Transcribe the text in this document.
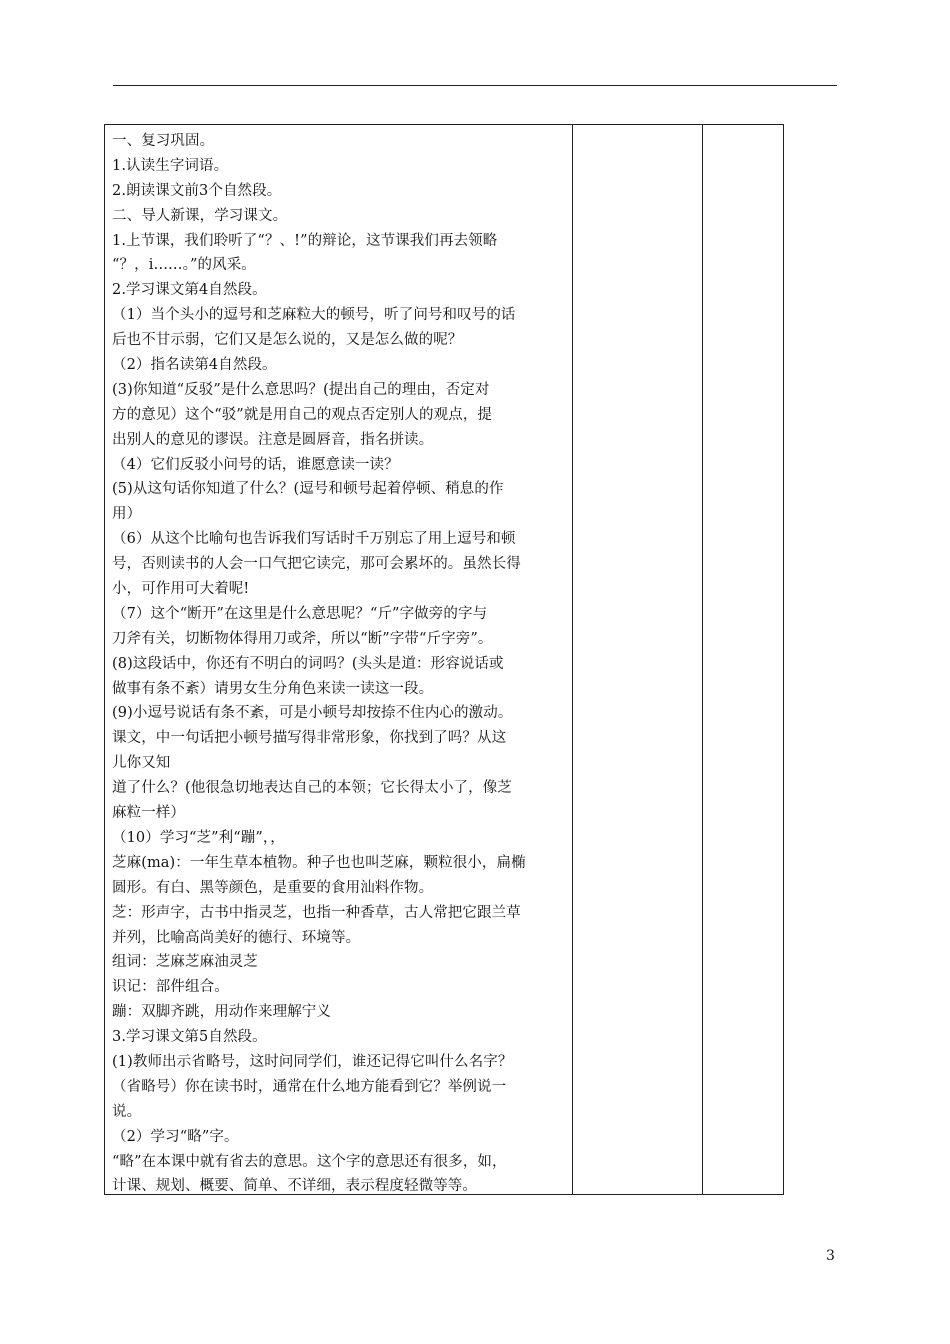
一、复习巩固。
1.认读生字词语。
2.朗读课文前3个自然段。
二、导人新课，学习课文。
1.上节课，我们聆听了“？、!”的辩论，这节课我们再去领略
“？，i……。”的风采。
2.学习课文第4自然段。
（1）当个头小的逗号和芝麻粒大的顿号，听了问号和叹号的话
后也不甘示弱，它们又是怎么说的，又是怎么做的呢？
（2）指名读第4自然段。
(3)你知道“反驳”是什么意思吗？(提出自己的理由，否定对
方的意见）这个“驳”就是用自己的观点否定别人的观点，提
出别人的意见的谬误。注意是圆唇音，指名拼读。
（4）它们反驳小问号的话，谁愿意读一读？
(5)从这句话你知道了什么？(逗号和顿号起着停顿、稍息的作
用）
（6）从这个比喻句也告诉我们写话时千万别忘了用上逗号和顿
号，否则读书的人会一口气把它读完，那可会累坏的。虽然长得
小，可作用可大着呢!
（7）这个“断开”在这里是什么意思呢？“斤”字做旁的字与
刀斧有关，切断物体得用刀或斧，所以“断”字带“斤字旁”。
(8)这段话中，你还有不明白的词吗？(头头是道：形容说话或
做事有条不紊）请男女生分角色来读一读这一段。
(9)小逗号说话有条不紊，可是小顿号却按捺不住内心的激动。
课文，中一句话把小顿号描写得非常形象，你找到了吗？从这
儿你又知
道了什么？(他很急切地表达自己的本领；它长得太小了，像芝
麻粒一样）
（10）学习“芝”利“蹦”，，
芝麻(ma)：一年生草本植物。种子也也叫芝麻，颗粒很小，扁椭
圆形。有白、黑等颜色，是重要的食用汕料作物。
芝：形声字，古书中指灵芝，也指一种香草，古人常把它跟兰草
并列，比喻高尚美好的德行、环境等。
组词：芝麻芝麻油灵芝
识记：部件组合。
蹦：双脚齐跳，用动作来理解宁义
3.学习课文第5自然段。
(1)教师出示省略号，这时问同学们，谁还记得它叫什么名字？
（省略号）你在读书时，通常在什么地方能看到它？举例说一
说。
（2）学习“略”字。
“略”在本课中就有省去的意思。这个字的意思还有很多，如，
计课、规划、概要、简单、不详细，表示程度轻微等等。
3
